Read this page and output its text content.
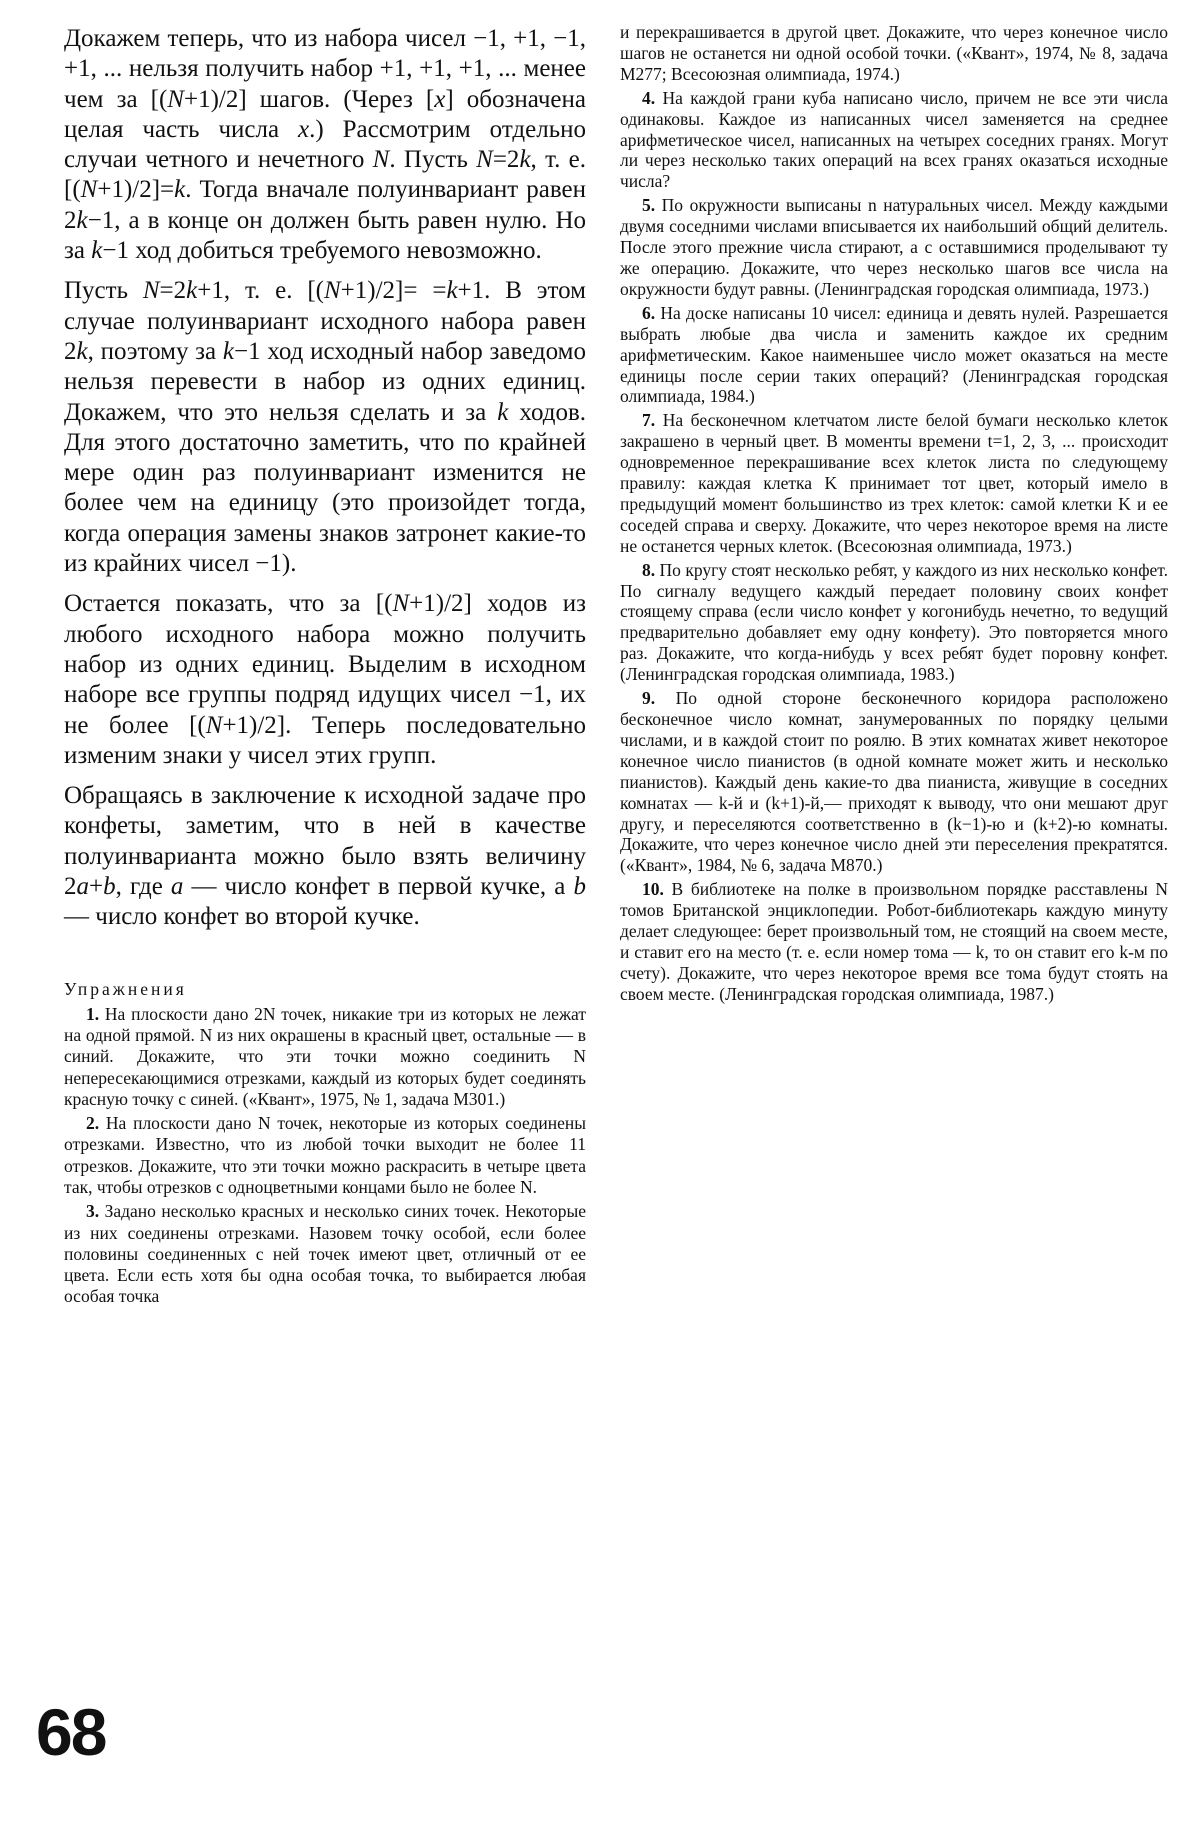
Докажем теперь, что из набора чисел −1, +1, −1, +1, ... нельзя получить набор +1, +1, +1, ... менее чем за [(N+1)/2] шагов. (Через [x] обозначена целая часть числа x.) Рассмотрим отдельно случаи четного и нечетного N. Пусть N=2k, т. е. [(N+1)/2]=k. Тогда вначале полуинвариант равен 2k−1, а в конце он должен быть равен нулю. Но за k−1 ход добиться требуемого невозможно.

Пусть N=2k+1, т. е. [(N+1)/2]= =k+1. В этом случае полуинвариант исходного набора равен 2k, поэтому за k−1 ход исходный набор заведомо нельзя перевести в набор из одних единиц. Докажем, что это нельзя сделать и за k ходов. Для этого достаточно заметить, что по крайней мере один раз полуинвариант изменится не более чем на единицу (это произойдет тогда, когда операция замены знаков затронет какие-то из крайних чисел −1).

Остается показать, что за [(N+1)/2] ходов из любого исходного набора можно получить набор из одних единиц. Выделим в исходном наборе все группы подряд идущих чисел −1, их не более [(N+1)/2]. Теперь последовательно изменим знаки у чисел этих групп.

Обращаясь в заключение к исходной задаче про конфеты, заметим, что в ней в качестве полуинварианта можно было взять величину 2a+b, где a — число конфет в первой кучке, а b — число конфет во второй кучке.

Упражнения

1. На плоскости дано 2N точек, никакие три из которых не лежат на одной прямой. N из них окрашены в красный цвет, остальные — в синий. Докажите, что эти точки можно соединить N непересекающимися отрезками, каждый из которых будет соединять красную точку с синей. («Квант», 1975, № 1, задача М301.)

2. На плоскости дано N точек, некоторые из которых соединены отрезками. Известно, что из любой точки выходит не более 11 отрезков. Докажите, что эти точки можно раскрасить в четыре цвета так, чтобы отрезков с одноцветными концами было не более N.

3. Задано несколько красных и несколько синих точек. Некоторые из них соединены отрезками. Назовем точку особой, если более половины соединенных с ней точек имеют цвет, отличный от ее цвета. Если есть хотя бы одна особая точка, то выбирается любая особая точка

и перекрашивается в другой цвет. Докажите, что через конечное число шагов не останется ни одной особой точки. («Квант», 1974, № 8, задача М277; Всесоюзная олимпиада, 1974.)

4. На каждой грани куба написано число, причем не все эти числа одинаковы. Каждое из написанных чисел заменяется на среднее арифметическое чисел, написанных на четырех соседних гранях. Могут ли через несколько таких операций на всех гранях оказаться исходные числа?

5. По окружности выписаны n натуральных чисел. Между каждыми двумя соседними числами вписывается их наибольший общий делитель. После этого прежние числа стирают, а с оставшимися проделывают ту же операцию. Докажите, что через несколько шагов все числа на окружности будут равны. (Ленинградская городская олимпиада, 1973.)

6. На доске написаны 10 чисел: единица и девять нулей. Разрешается выбрать любые два числа и заменить каждое их средним арифметическим. Какое наименьшее число может оказаться на месте единицы после серии таких операций? (Ленинградская городская олимпиада, 1984.)

7. На бесконечном клетчатом листе белой бумаги несколько клеток закрашено в черный цвет. В моменты времени t=1, 2, 3, ... происходит одновременное перекрашивание всех клеток листа по следующему правилу: каждая клетка K принимает тот цвет, который имело в предыдущий момент большинство из трех клеток: самой клетки K и ее соседей справа и сверху. Докажите, что через некоторое время на листе не останется черных клеток. (Всесоюзная олимпиада, 1973.)

8. По кругу стоят несколько ребят, у каждого из них несколько конфет. По сигналу ведущего каждый передает половину своих конфет стоящему справа (если число конфет у когонибудь нечетно, то ведущий предварительно добавляет ему одну конфету). Это повторяется много раз. Докажите, что когда-нибудь у всех ребят будет поровну конфет. (Ленинградская городская олимпиада, 1983.)

9. По одной стороне бесконечного коридора расположено бесконечное число комнат, занумерованных по порядку целыми числами, и в каждой стоит по роялю. В этих комнатах живет некоторое конечное число пианистов (в одной комнате может жить и несколько пианистов). Каждый день какие-то два пианиста, живущие в соседних комнатах — k-й и (k+1)-й,— приходят к выводу, что они мешают друг другу, и переселяются соответственно в (k−1)-ю и (k+2)-ю комнаты. Докажите, что через конечное число дней эти переселения прекратятся. («Квант», 1984, № 6, задача М870.)

10. В библиотеке на полке в произвольном порядке расставлены N томов Британской энциклопедии. Робот-библиотекарь каждую минуту делает следующее: берет произвольный том, не стоящий на своем месте, и ставит его на место (т. е. если номер тома — k, то он ставит его k-м по счету). Докажите, что через некоторое время все тома будут стоять на своем месте. (Ленинградская городская олимпиада, 1987.)

68
